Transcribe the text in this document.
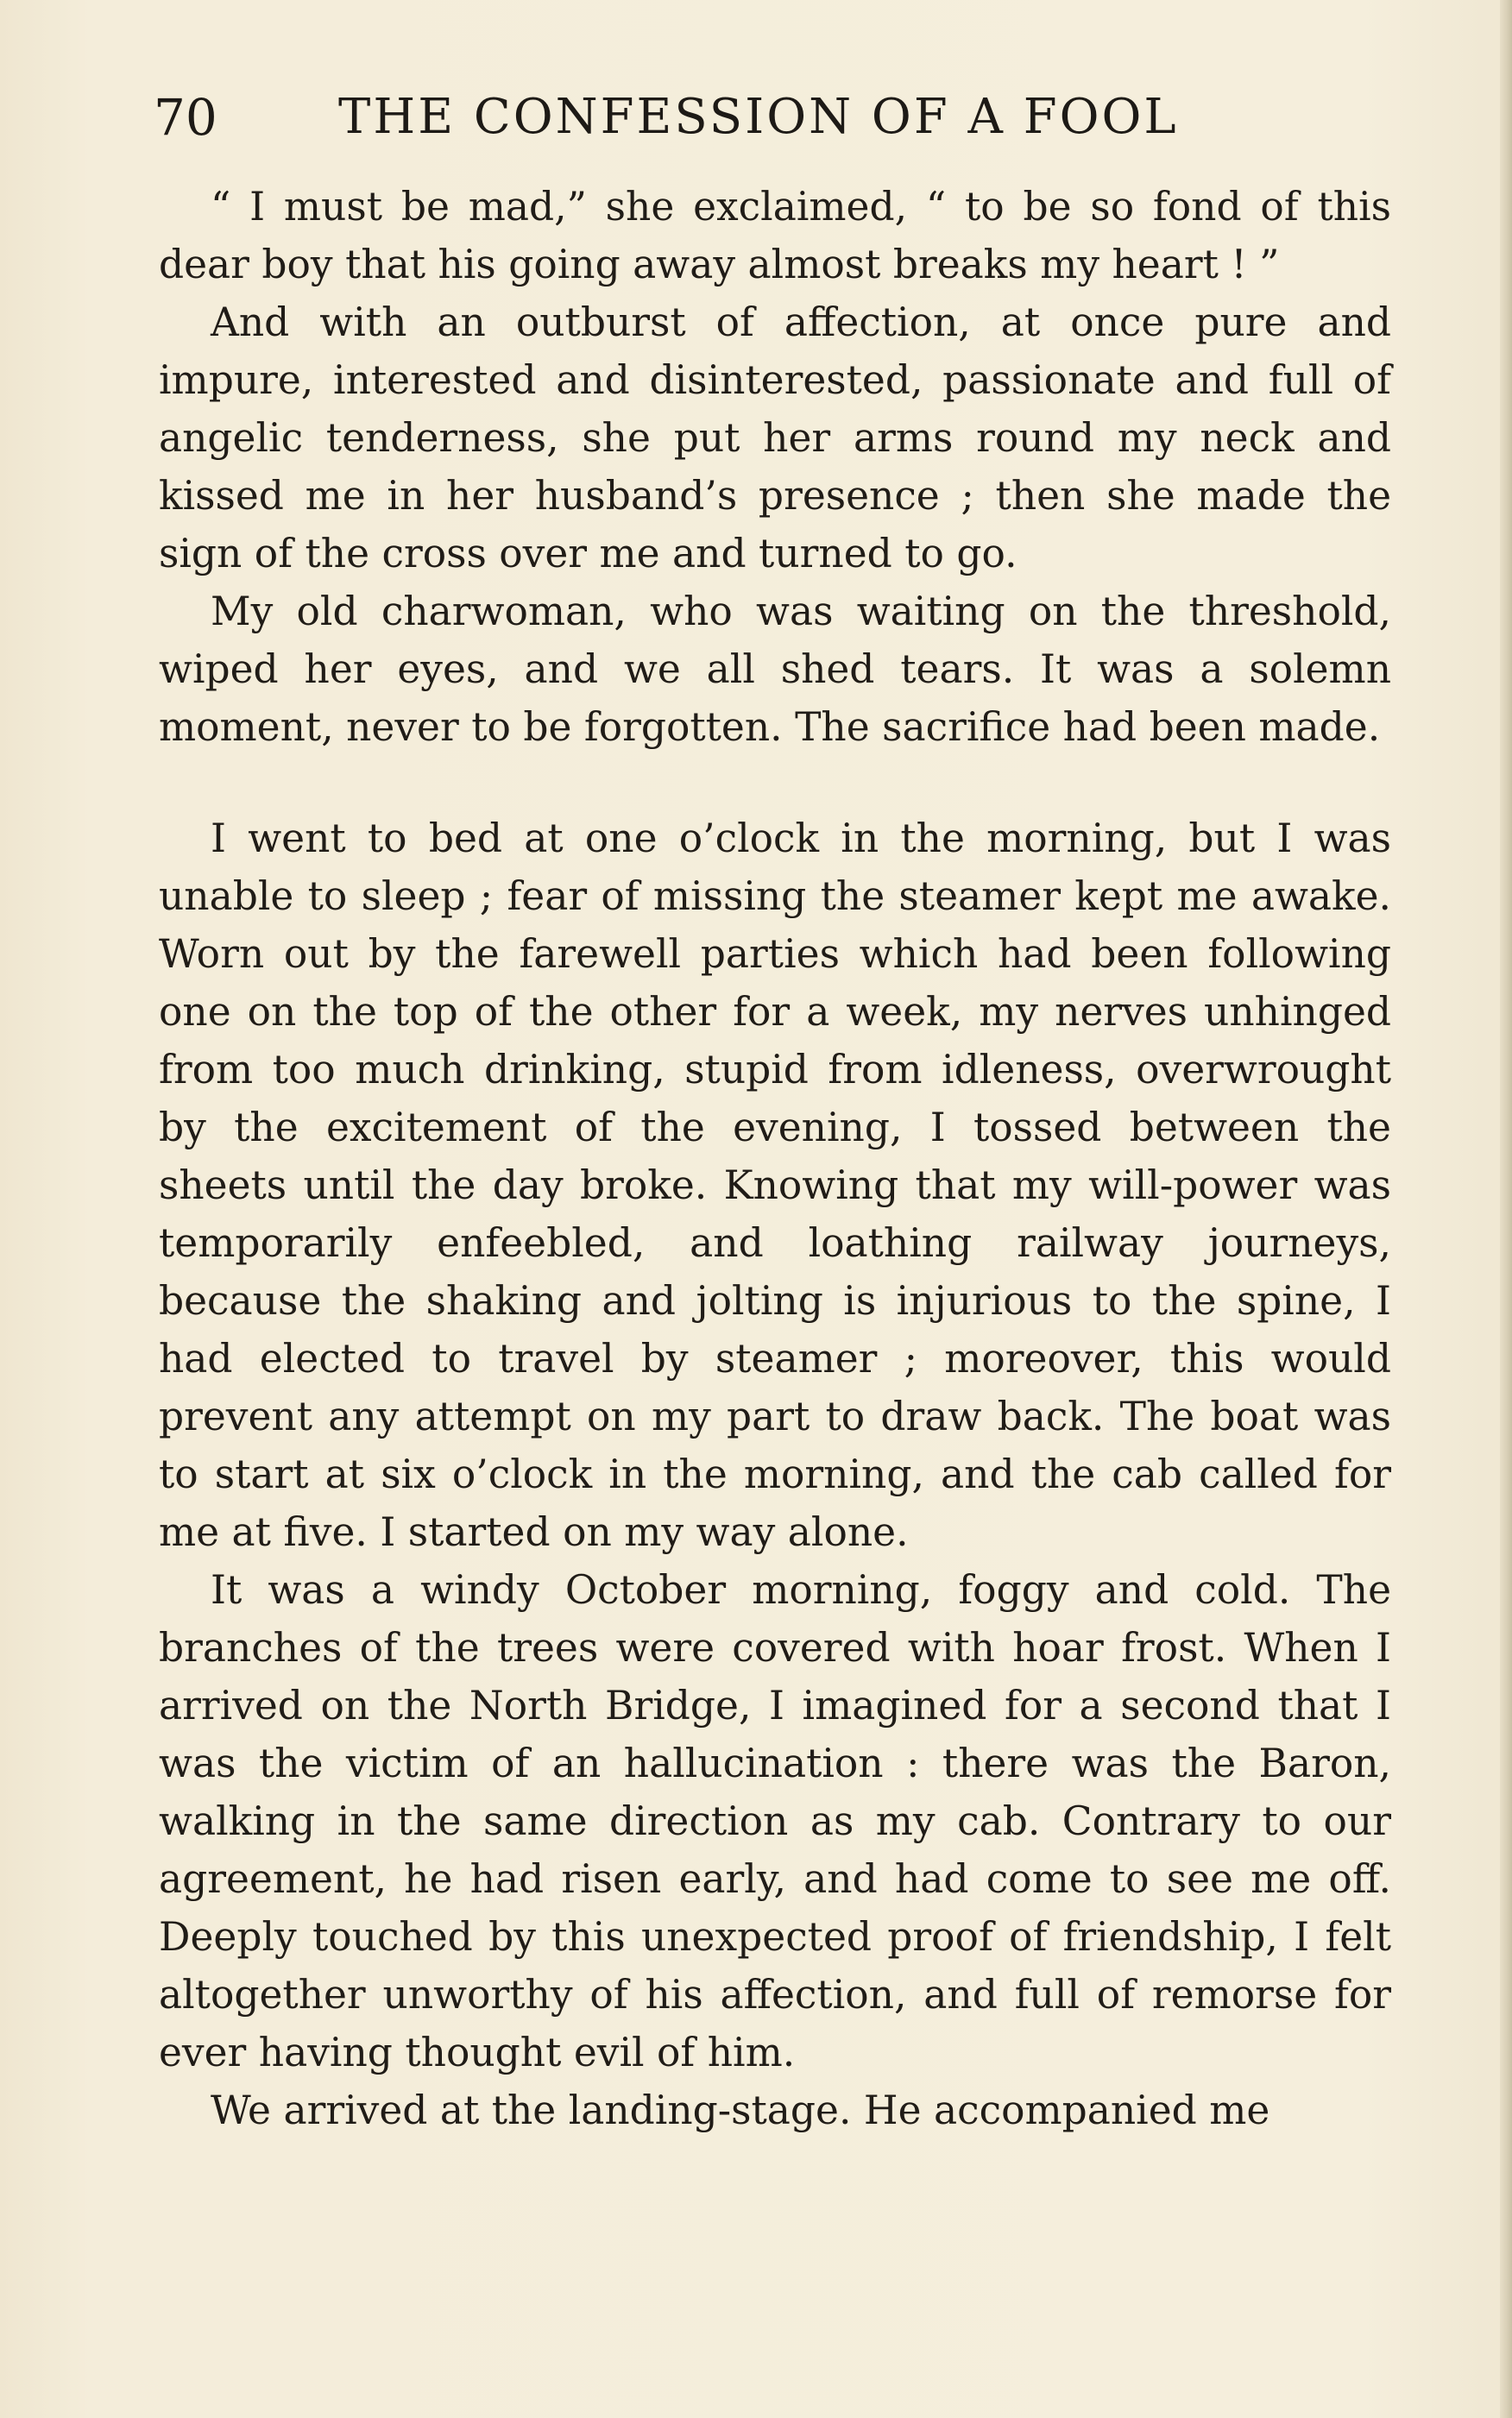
70	THE CONFESSION OF A FOOL

“ I must be mad,” she exclaimed, “ to be so fond of this dear boy that his going away almost breaks my heart ! ”

And with an outburst of affection, at once pure and impure, interested and disinterested, passionate and full of angelic tenderness, she put her arms round my neck and kissed me in her husband’s presence ; then she made the sign of the cross over me and turned to go.

My old charwoman, who was waiting on the threshold, wiped her eyes, and we all shed tears. It was a solemn moment, never to be forgotten. The sacrifice had been made.

I went to bed at one o’clock in the morning, but I was unable to sleep ; fear of missing the steamer kept me awake. Worn out by the farewell parties which had been following one on the top of the other for a week, my nerves unhinged from too much drinking, stupid from idleness, overwrought by the excitement of the evening, I tossed between the sheets until the day broke. Knowing that my will-power was temporarily enfeebled, and loathing railway journeys, because the shaking and jolting is injurious to the spine, I had elected to travel by steamer ; moreover, this would prevent any attempt on my part to draw back. The boat was to start at six o’clock in the morning, and the cab called for me at five. I started on my way alone.

It was a windy October morning, foggy and cold. The branches of the trees were covered with hoar frost. When I arrived on the North Bridge, I imagined for a second that I was the victim of an hallucination : there was the Baron, walking in the same direction as my cab. Contrary to our agreement, he had risen early, and had come to see me off. Deeply touched by this unexpected proof of friendship, I felt altogether unworthy of his affection, and full of remorse for ever having thought evil of him.

We arrived at the landing-stage. He accompanied me
